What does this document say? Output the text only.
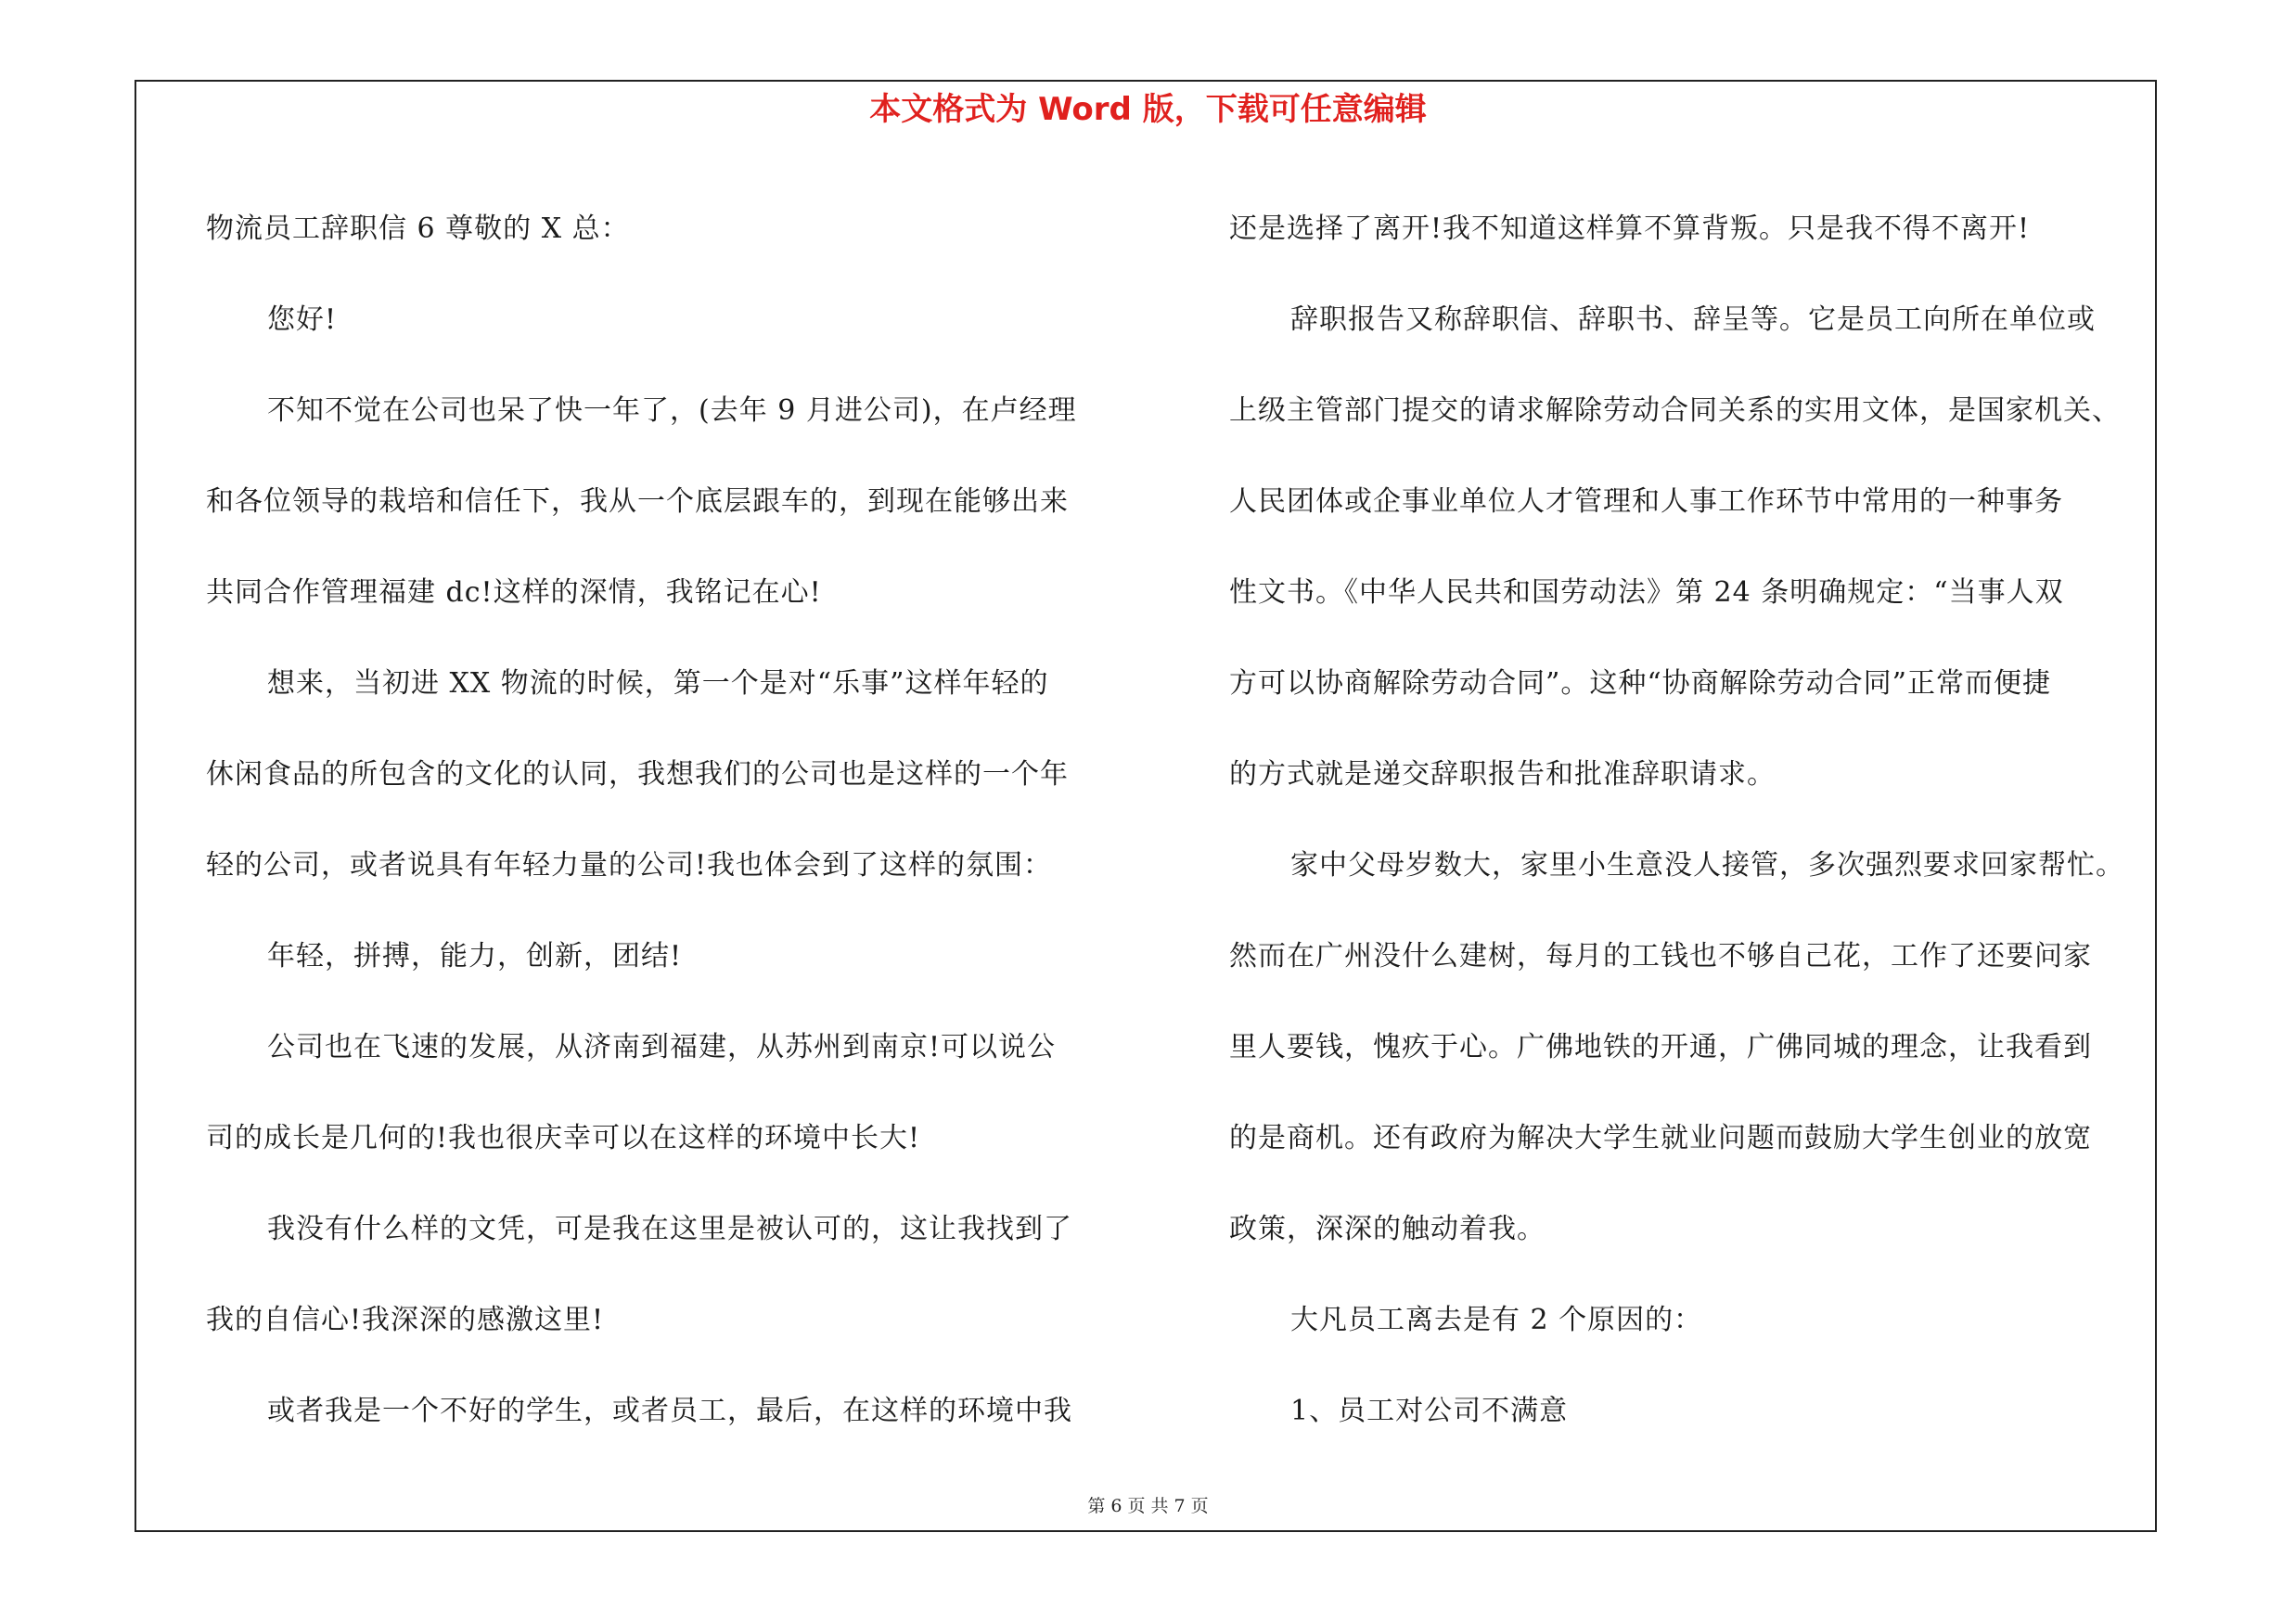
本文格式为 Word 版，下载可任意编辑

物流员工辞职信 6 尊敬的 X 总：

您好!

不知不觉在公司也呆了快一年了，(去年 9 月进公司)，在卢经理

和各位领导的栽培和信任下，我从一个底层跟车的，到现在能够出来

共同合作管理福建 dc!这样的深情，我铭记在心!

想来，当初进 XX 物流的时候，第一个是对“乐事”这样年轻的

休闲食品的所包含的文化的认同，我想我们的公司也是这样的一个年

轻的公司，或者说具有年轻力量的公司!我也体会到了这样的氛围：

年轻，拼搏，能力，创新，团结!

公司也在飞速的发展，从济南到福建，从苏州到南京!可以说公

司的成长是几何的!我也很庆幸可以在这样的环境中长大!

我没有什么样的文凭，可是我在这里是被认可的，这让我找到了

我的自信心!我深深的感激这里!

或者我是一个不好的学生，或者员工，最后，在这样的环境中我

还是选择了离开!我不知道这样算不算背叛。只是我不得不离开!

辞职报告又称辞职信、辞职书、辞呈等。它是员工向所在单位或

上级主管部门提交的请求解除劳动合同关系的实用文体，是国家机关、

人民团体或企事业单位人才管理和人事工作环节中常用的一种事务

性文书。《中华人民共和国劳动法》第 24 条明确规定：“当事人双

方可以协商解除劳动合同”。这种“协商解除劳动合同”正常而便捷

的方式就是递交辞职报告和批准辞职请求。

家中父母岁数大，家里小生意没人接管，多次强烈要求回家帮忙。

然而在广州没什么建树，每月的工钱也不够自己花，工作了还要问家

里人要钱，愧疚于心。广佛地铁的开通，广佛同城的理念，让我看到

的是商机。还有政府为解决大学生就业问题而鼓励大学生创业的放宽

政策，深深的触动着我。

大凡员工离去是有 2 个原因的：

1、员工对公司不满意

第 6 页 共 7 页
